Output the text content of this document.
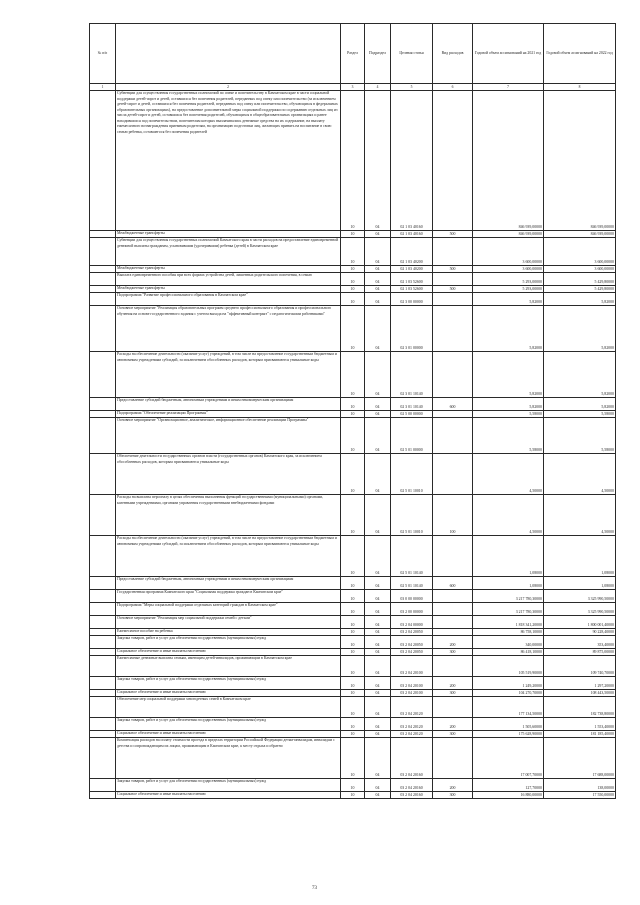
№ п/п		Раздел	Подраздел	Целевая статья	Вид расходов	Годовой объем ассигнований на 2021 год	Годовой объем ассигнований на 2022 год
1	2	3	4	5	6	7	8
	Субвенции для осуществления государственных полномочий по опеке и попечительству в Камчатском крае в части социальной поддержки детей-сирот и детей, оставшихся без попечения родителей, переданных под опеку или попечительство (за исключением детей-сирот и детей, оставшихся без попечения родителей, переданных под опеку или попечительство, обучающихся в федеральных образовательных организациях), на предоставление дополнительной меры социальной поддержки по содержанию отдельных лиц из числа детей-сирот и детей, оставшихся без попечения родителей, обучающихся в общеобразовательных организациях и ранее находившихся под попечительством, попечителям которых выплачивались денежные средства на их содержание, на выплату ежемесячного вознаграждения приемным родителям, на организацию подготовки лиц, желающих принять на воспитание в свою семью ребенка, оставшегося без попечения родителей	10	04	02 1 03 40160		846 939,00000	846 939,00000
	Межбюджетные трансферты	10	04	02 1 03 40160	500	846 939,00000	846 939,00000
	Субвенции для осуществления государственных полномочий Камчатского края в части расходов на предоставление единовременной денежной выплаты гражданам, усыновившим (удочерившим) ребенка (детей) в Камчатском крае	10	04	02 1 03 40200		3 600,00000	3 600,00000
	Межбюджетные трансферты	10	04	02 1 03 40200	500	3 600,00000	3 600,00000
	Выплата единовременного пособия при всех формах устройства детей, лишенных родительского попечения, в семью	10	04	02 1 03 52600		5 293,00000	5 429,80000
	Межбюджетные трансферты	10	04	02 1 03 52600	500	5 293,00000	5 429,80000
	Подпрограмма "Развитие профессионального образования в Камчатском крае"	10	04	02 3 00 00000		5,82000	5,82000
	Основное мероприятие "Реализация образовательных программ среднего профессионального образования и профессионального обучения на основе государственного задания с учетом выхода на "эффективный контракт" с педагогическими работниками"	10	04	02 3 01 00000		5,82000	5,82000
	Расходы на обеспечение деятельности (оказание услуг) учреждений, в том числе на предоставление государственным бюджетным и автономным учреждениям субсидий, за исключением обособленных расходов, которым присваиваются уникальные коды	10	04	02 3 01 10140		5,82000	5,82000
	Предоставление субсидий бюджетным, автономным учреждениям и иным некоммерческим организациям	10	04	02 3 01 10140	600	5,82000	5,82000
	Подпрограмма "Обеспечение реализации Программы"	10	04	02 5 00 00000		5,58000	5,58000
	Основное мероприятие "Организационное, аналитическое, информационное обеспечение реализации Программы"	10	04	02 5 01 00000		5,58000	5,58000
	Обеспечение деятельности государственных органов власти (государственных органов) Камчатского края, за исключением обособленных расходов, которым присваиваются уникальные коды	10	04	02 5 01 10010		4,50000	4,50000
	Расходы на выплаты персоналу в целях обеспечения выполнения функций государственными (муниципальными) органами, казенными учреждениями, органами управления государственными внебюджетными фондами	10	04	02 5 01 10010	100	4,50000	4,50000
	Расходы на обеспечение деятельности (оказание услуг) учреждений, в том числе на предоставление государственным бюджетным и автономным учреждениям субсидий, за исключением обособленных расходов, которым присваиваются уникальные коды	10	04	02 5 01 10140		1,08000	1,08000
	Предоставление субсидий бюджетным, автономным учреждениям и иным некоммерческим организациям	10	04	02 5 01 10140	600	1,08000	1,08000
	Государственная программа Камчатского края "Социальная поддержка граждан в Камчатском крае"	10	04	03 0 00 00000		3 217 780,30000	3 325 990,50000
	Подпрограмма "Меры социальной поддержки отдельных категорий граждан в Камчатском крае"	10	04	03 2 00 00000		3 217 780,30000	3 325 990,50000
	Основное мероприятие "Реализация мер социальной поддержки семей с детьми"	10	04	03 2 04 00000		1 818 341,20000	1 800 001,40000
	Ежемесячное пособие на ребенка	10	04	03 2 04 20050		86 758,10000	90 228,40000
	Закупка товаров, работ и услуг для обеспечения государственных (муниципальных) нужд	10	04	03 2 04 20050	200	340,00000	353,40000
	Социальное обеспечение и иные выплаты населению	10	04	03 2 04 20050	300	86 418,10000	89 875,00000
	Ежемесячные денежные выплаты семьям, имеющим детей-инвалидов, проживающим в Камчатском крае	10	04	03 2 04 20100		105 519,90000	109 740,70000
	Закупка товаров, работ и услуг для обеспечения государственных (муниципальных) нужд	10	04	03 2 04 20100	200	1 249,20000	1 297,20000
	Социальное обеспечение и иные выплаты населению	10	04	03 2 04 20100	300	104 270,70000	108 443,50000
	Обеспечение мер социальной поддержки многодетных семей в Камчатском крае	10	04	03 2 04 20120		177 134,50000	182 738,80000
	Закупка товаров, работ и услуг для обеспечения государственных (муниципальных) нужд	10	04	03 2 04 20120	200	1 505,60000	1 553,40000
	Социальное обеспечение и иные выплаты населению	10	04	03 2 04 20120	300	175 628,90000	181 185,40000
	Компенсация расходов на оплату стоимости проезда в пределах территории Российской Федерации детям-инвалидам, инвалидам с детства и сопровождающим их лицам, проживающим в Камчатском крае, к месту отдыха и обратно	10	04	03 2 04 20160		17 007,70000	17 688,00000
	Закупка товаров, работ и услуг для обеспечения государственных (муниципальных) нужд	10	04	03 2 04 20160	200	127,70000	138,00000
	Социальное обеспечение и иные выплаты населению	10	04	03 2 04 20160	300	16 880,00000	17 550,00000
73
